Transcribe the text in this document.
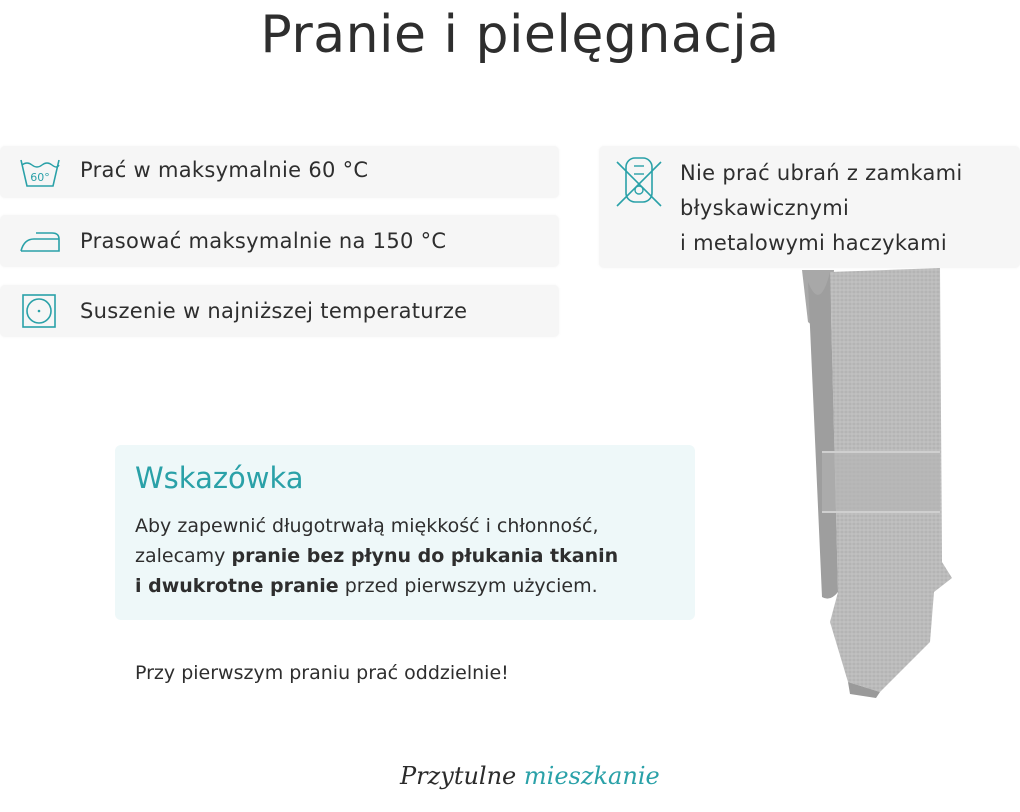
Pranie i pielęgnacja
60° Prać w maksymalnie 60 °C
Prasować maksymalnie na 150 °C
Suszenie w najniższej temperaturze
Nie prać ubrań z zamkami
błyskawicznymi
i metalowymi haczykami
Wskazówka
Aby zapewnić długotrwałą miękkość i chłonność,
zalecamy pranie bez płynu do płukania tkanin
i dwukrotne pranie przed pierwszym użyciem.
Przy pierwszym praniu prać oddzielnie!
Przytulne mieszkanie
